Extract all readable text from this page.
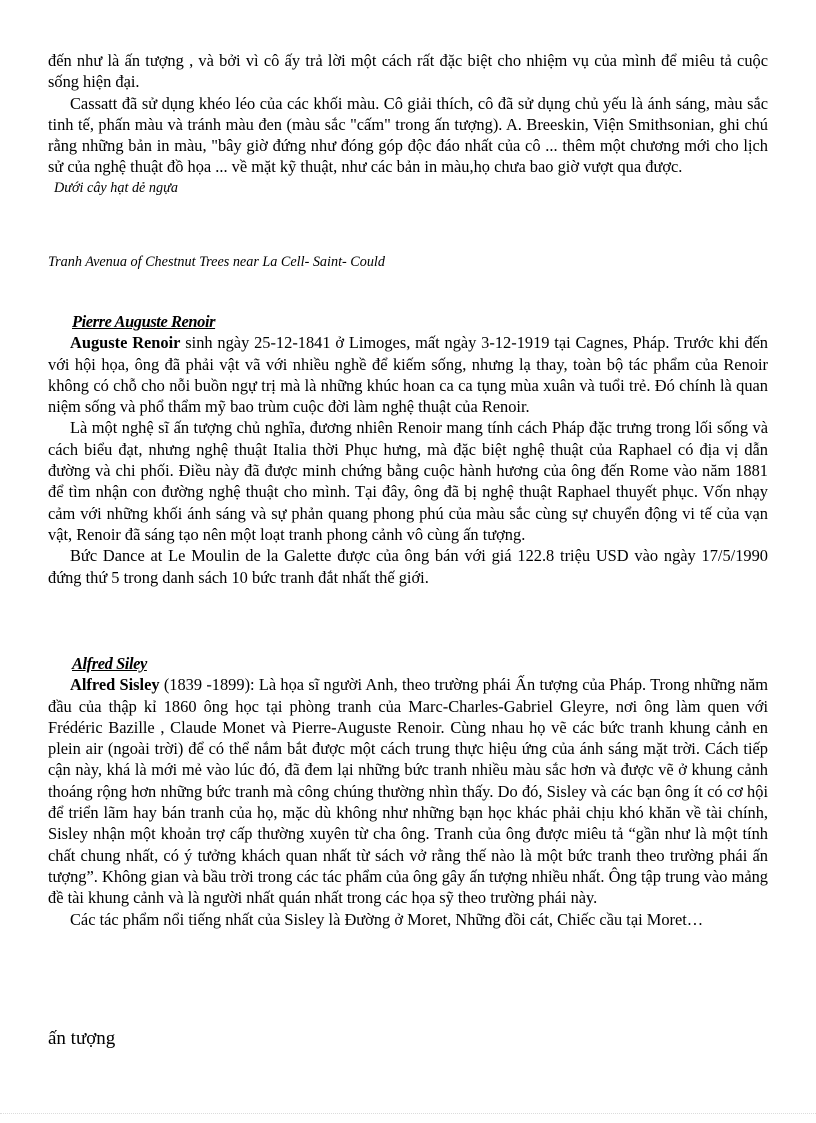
đến như là ấn tượng , và bởi vì cô ấy trả lời một cách rất đặc biệt cho nhiệm vụ của mình để miêu tả cuộc sống hiện đại.

Cassatt đã sử dụng khéo léo của các khối màu. Cô giải thích, cô đã sử dụng chủ yếu là ánh sáng, màu sắc tinh tế, phấn màu và tránh màu đen (màu sắc "cấm" trong ấn tượng). A. Breeskin, Viện Smithsonian, ghi chú rằng những bản in màu, "bây giờ đứng như đóng góp độc đáo nhất của cô ... thêm một chương mới cho lịch sử của nghệ thuật đồ họa ... về mặt kỹ thuật, như các bản in màu,họ chưa bao giờ vượt qua được.

Dưới cây hạt dẻ ngựa

Tranh Avenua of Chestnut Trees near La Cell- Saint- Could

Pierre Auguste Renoir

Auguste Renoir sinh ngày 25-12-1841 ở Limoges, mất ngày 3-12-1919 tại Cagnes, Pháp. Trước khi đến với hội họa, ông đã phải vật vã với nhiều nghề để kiếm sống, nhưng lạ thay, toàn bộ tác phẩm của Renoir không có chỗ cho nỗi buồn ngự trị mà là những khúc hoan ca ca tụng mùa xuân và tuổi trẻ. Đó chính là quan niệm sống và phổ thẩm mỹ bao trùm cuộc đời làm nghệ thuật của Renoir.

Là một nghệ sĩ ấn tượng chủ nghĩa, đương nhiên Renoir mang tính cách Pháp đặc trưng trong lối sống và cách biểu đạt, nhưng nghệ thuật Italia thời Phục hưng, mà đặc biệt nghệ thuật của Raphael có địa vị dẫn đường và chi phối. Điều này đã được minh chứng bằng cuộc hành hương của ông đến Rome vào năm 1881 để tìm nhận con đường nghệ thuật cho mình. Tại đây, ông đã bị nghệ thuật Raphael thuyết phục. Vốn nhạy cảm với những khối ánh sáng và sự phản quang phong phú của màu sắc cùng sự chuyển động vi tế của vạn vật, Renoir đã sáng tạo nên một loạt tranh phong cảnh vô cùng ấn tượng.

Bức Dance at Le Moulin de la Galette được của ông bán với giá 122.8 triệu USD vào ngày 17/5/1990 đứng thứ 5 trong danh sách 10 bức tranh đắt nhất thế giới.

Alfred Siley

Alfred Sisley (1839 -1899): Là họa sĩ người Anh, theo trường phái Ấn tượng của Pháp. Trong những năm đầu của thập kỉ 1860 ông học tại phòng tranh của Marc-Charles-Gabriel Gleyre, nơi ông làm quen với Frédéric Bazille , Claude Monet và Pierre-Auguste Renoir. Cùng nhau họ vẽ các bức tranh khung cảnh en plein air (ngoài trời) để có thể nắm bắt được một cách trung thực hiệu ứng của ánh sáng mặt trời. Cách tiếp cận này, khá là mới mẻ vào lúc đó, đã đem lại những bức tranh nhiều màu sắc hơn và được vẽ ở khung cảnh thoáng rộng hơn những bức tranh mà công chúng thường nhìn thấy. Do đó, Sisley và các bạn ông ít có cơ hội để triển lãm hay bán tranh của họ, mặc dù không như những bạn học khác phải chịu khó khăn về tài chính, Sisley nhận một khoản trợ cấp thường xuyên từ cha ông. Tranh của ông được miêu tả “gần như là một tính chất chung nhất, có ý tưởng khách quan nhất từ sách vở rằng thế nào là một bức tranh theo trường phái ấn tượng”. Không gian và bầu trời trong các tác phẩm của ông gây ấn tượng nhiều nhất. Ông tập trung vào mảng đề tài khung cảnh và là người nhất quán nhất trong các họa sỹ theo trường phái này.

Các tác phẩm nổi tiếng nhất của Sisley là Đường ở Moret, Những đồi cát, Chiếc cầu tại Moret…

ấn tượng
